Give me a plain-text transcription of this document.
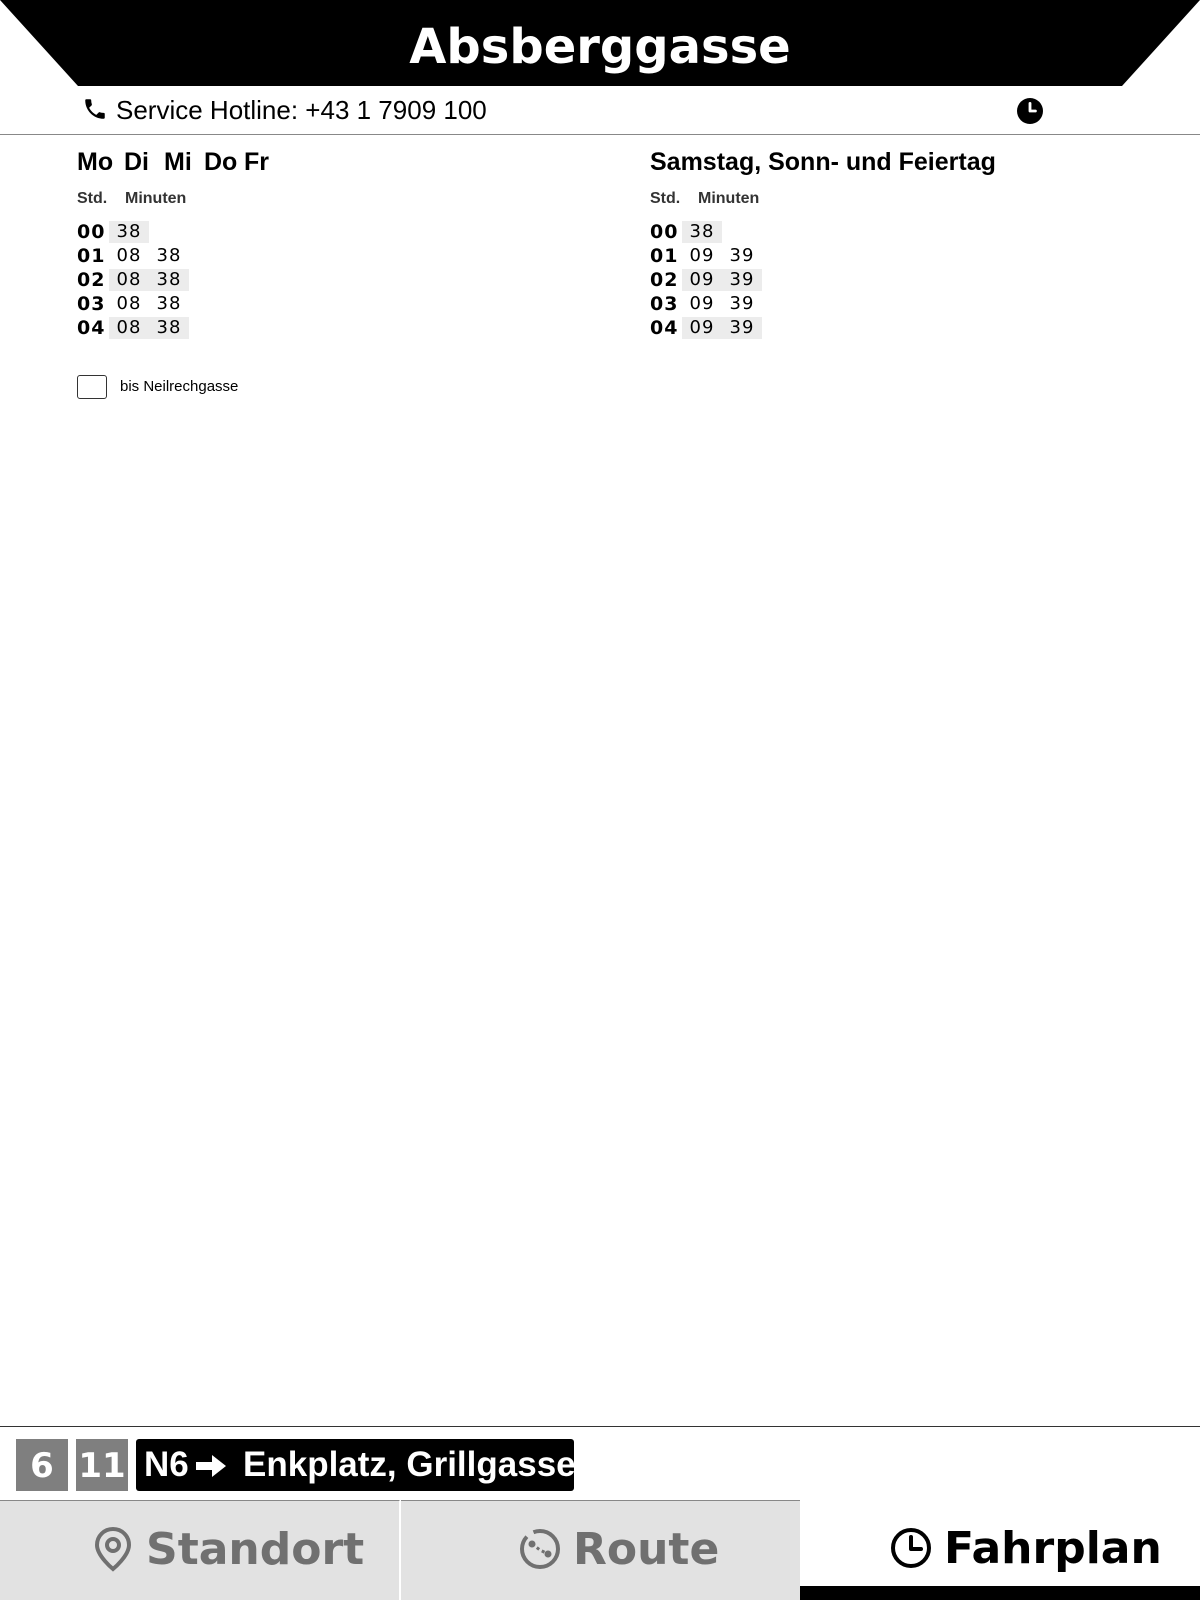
Absberggasse
Service Hotline: +43 1 7909 100
Mo Di Mi Do Fr
Std. Minuten
00 38
01 08 38
02 08 38
03 08 38
04 08 38
Samstag, Sonn- und Feiertag
Std. Minuten
00 38
01 09 39
02 09 39
03 09 39
04 09 39
bis Neilrechgasse
6 11 N6 Enkplatz, Grillgasse
Standort	Route	Fahrplan
